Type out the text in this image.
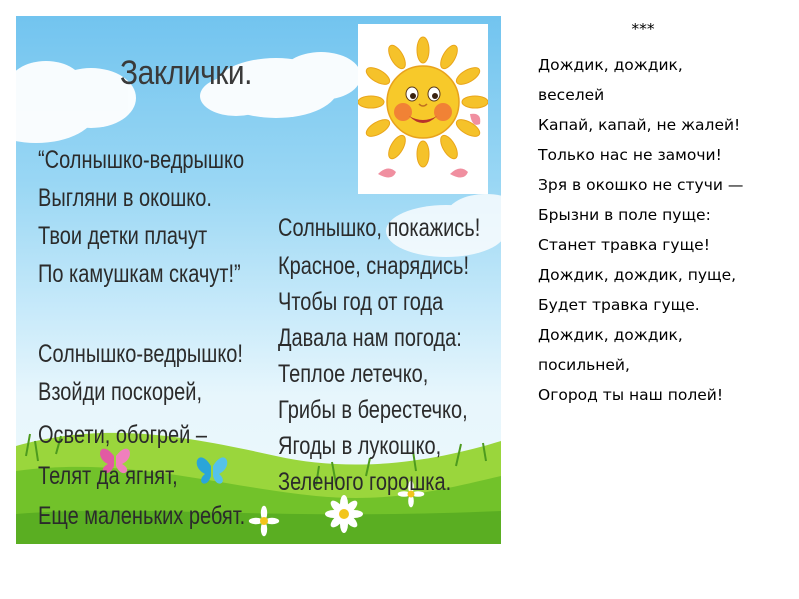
Заклички.
“Солнышко-ведрышко
Выгляни в окошко.
Твои детки плачут
По камушкам скачут!”
Солнышко-ведрышко!
Взойди поскорей,
Освети, обогрей –
Телят да ягнят,
Еще маленьких ребят.
Солнышко, покажись!
Красное, снарядись!
Чтобы год от года
Давала нам погода:
Теплое летечко,
Грибы в берестечко,
Ягоды в лукошко,
Зеленого горошка.
***
Дождик, дождик,
веселей
Капай, капай, не жалей!
Только нас не замочи!
Зря в окошко не стучи —
Брызни в поле пуще:
Станет травка гуще!
Дождик, дождик, пуще,
Будет травка гуще.
Дождик, дождик,
посильней,
Огород ты наш полей!
